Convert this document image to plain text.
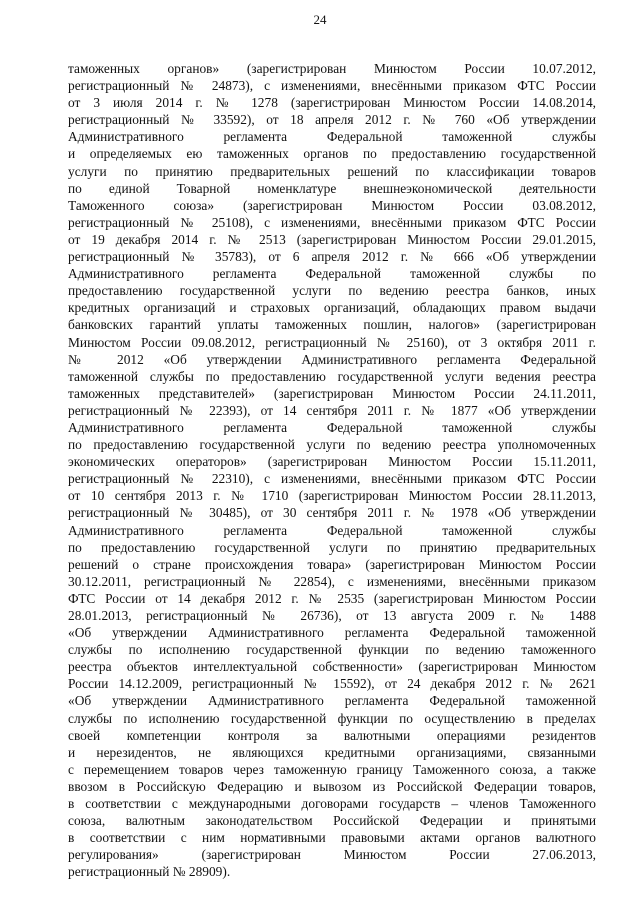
24
таможенных органов» (зарегистрирован Минюстом России 10.07.2012,
регистрационный № 24873), с изменениями, внесёнными приказом ФТС России
от 3 июля 2014 г. № 1278 (зарегистрирован Минюстом России 14.08.2014,
регистрационный № 33592), от 18 апреля 2012 г. № 760 «Об утверждении
Административного регламента Федеральной таможенной службы
и определяемых ею таможенных органов по предоставлению государственной
услуги по принятию предварительных решений по классификации товаров
по единой Товарной номенклатуре внешнеэкономической деятельности
Таможенного союза» (зарегистрирован Минюстом России 03.08.2012,
регистрационный № 25108), с изменениями, внесёнными приказом ФТС России
от 19 декабря 2014 г. № 2513 (зарегистрирован Минюстом России 29.01.2015,
регистрационный № 35783), от 6 апреля 2012 г. № 666 «Об утверждении
Административного регламента Федеральной таможенной службы по
предоставлению государственной услуги по ведению реестра банков, иных
кредитных организаций и страховых организаций, обладающих правом выдачи
банковских гарантий уплаты таможенных пошлин, налогов» (зарегистрирован
Минюстом России 09.08.2012, регистрационный № 25160), от 3 октября 2011 г.
№ 2012 «Об утверждении Административного регламента Федеральной
таможенной службы по предоставлению государственной услуги ведения реестра
таможенных представителей» (зарегистрирован Минюстом России 24.11.2011,
регистрационный № 22393), от 14 сентября 2011 г. № 1877 «Об утверждении
Административного регламента Федеральной таможенной службы
по предоставлению государственной услуги по ведению реестра уполномоченных
экономических операторов» (зарегистрирован Минюстом России 15.11.2011,
регистрационный № 22310), с изменениями, внесёнными приказом ФТС России
от 10 сентября 2013 г. № 1710 (зарегистрирован Минюстом России 28.11.2013,
регистрационный № 30485), от 30 сентября 2011 г. № 1978 «Об утверждении
Административного регламента Федеральной таможенной службы
по предоставлению государственной услуги по принятию предварительных
решений о стране происхождения товара» (зарегистрирован Минюстом России
30.12.2011, регистрационный № 22854), с изменениями, внесёнными приказом
ФТС России от 14 декабря 2012 г. № 2535 (зарегистрирован Минюстом России
28.01.2013, регистрационный № 26736), от 13 августа 2009 г. № 1488
«Об утверждении Административного регламента Федеральной таможенной
службы по исполнению государственной функции по ведению таможенного
реестра объектов интеллектуальной собственности» (зарегистрирован Минюстом
России 14.12.2009, регистрационный № 15592), от 24 декабря 2012 г. № 2621
«Об утверждении Административного регламента Федеральной таможенной
службы по исполнению государственной функции по осуществлению в пределах
своей компетенции контроля за валютными операциями резидентов
и нерезидентов, не являющихся кредитными организациями, связанными
с перемещением товаров через таможенную границу Таможенного союза, а также
ввозом в Российскую Федерацию и вывозом из Российской Федерации товаров,
в соответствии с международными договорами государств – членов Таможенного
союза, валютным законодательством Российской Федерации и принятыми
в соответствии с ним нормативными правовыми актами органов валютного
регулирования» (зарегистрирован Минюстом России 27.06.2013,
регистрационный № 28909).
